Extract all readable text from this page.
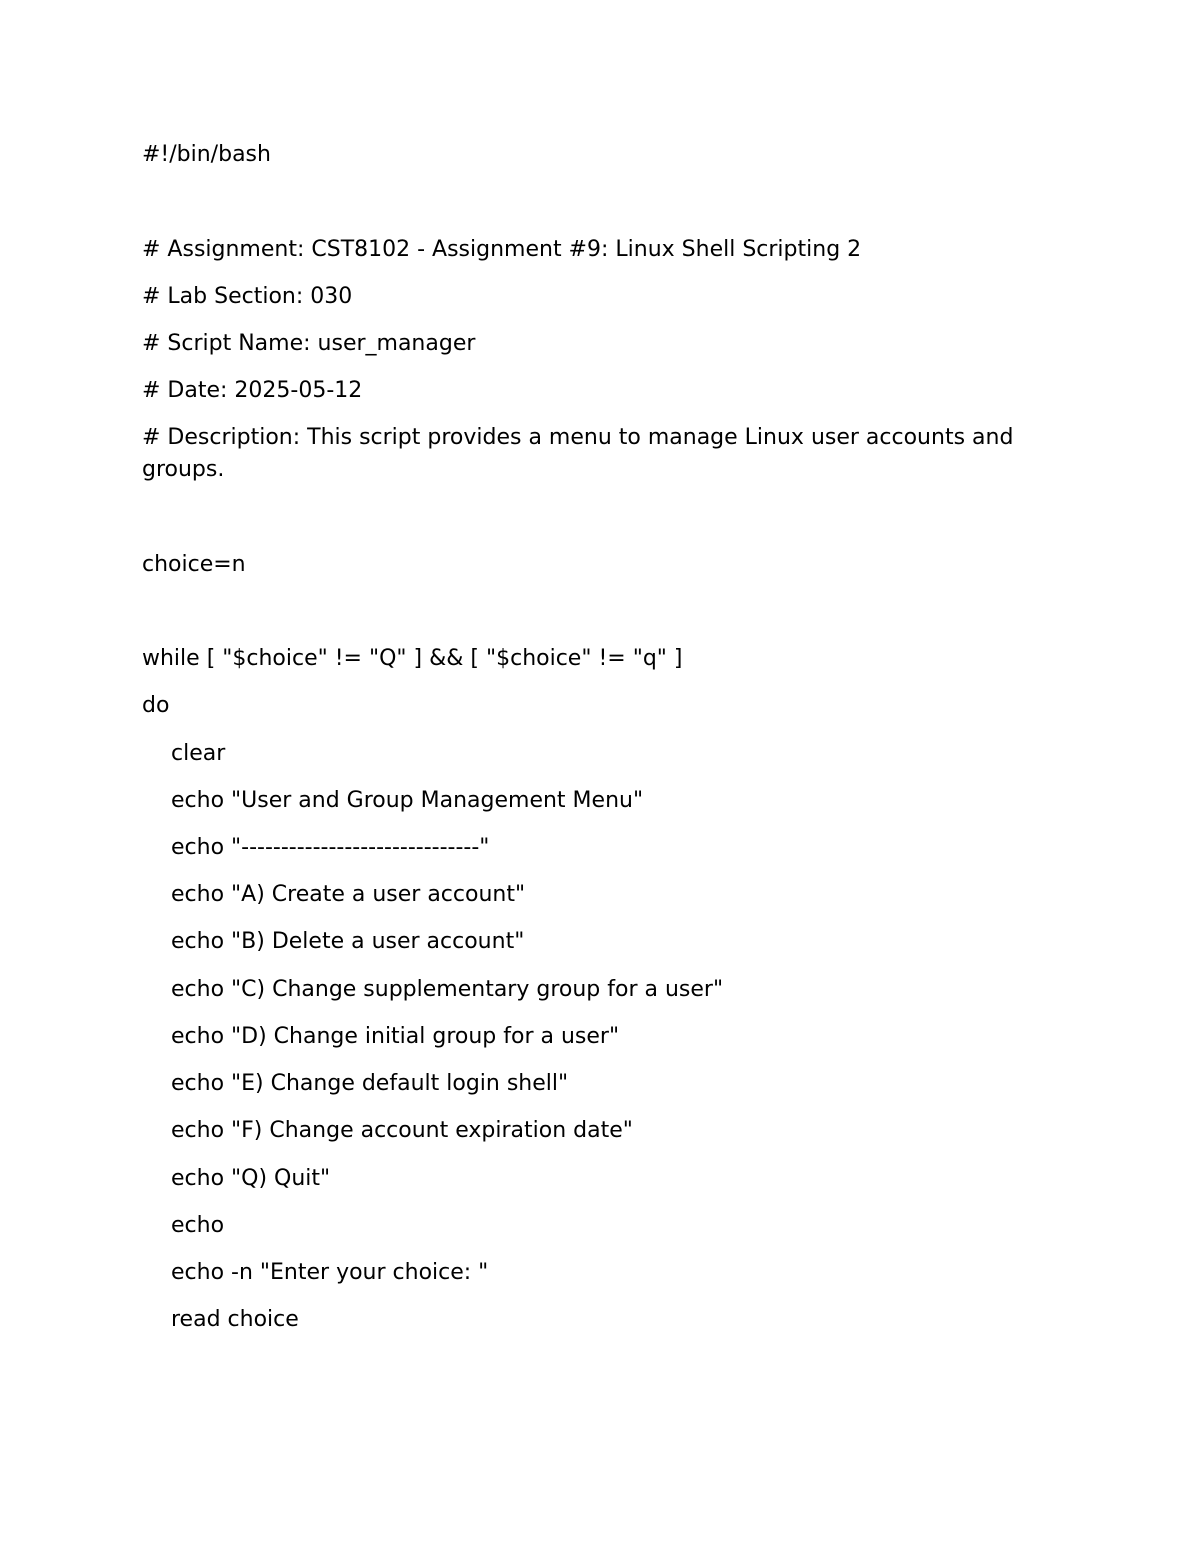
#!/bin/bash

# Assignment: CST8102 - Assignment #9: Linux Shell Scripting 2

# Lab Section: 030

# Script Name: user_manager

# Date: 2025-05-12

# Description: This script provides a menu to manage Linux user accounts and groups.

choice=n

while [ "$choice" != "Q" ] && [ "$choice" != "q" ]

do

clear

echo "User and Group Management Menu"

echo "------------------------------"

echo "A) Create a user account"

echo "B) Delete a user account"

echo "C) Change supplementary group for a user"

echo "D) Change initial group for a user"

echo "E) Change default login shell"

echo "F) Change account expiration date"

echo "Q) Quit"

echo

echo -n "Enter your choice: "

read choice
